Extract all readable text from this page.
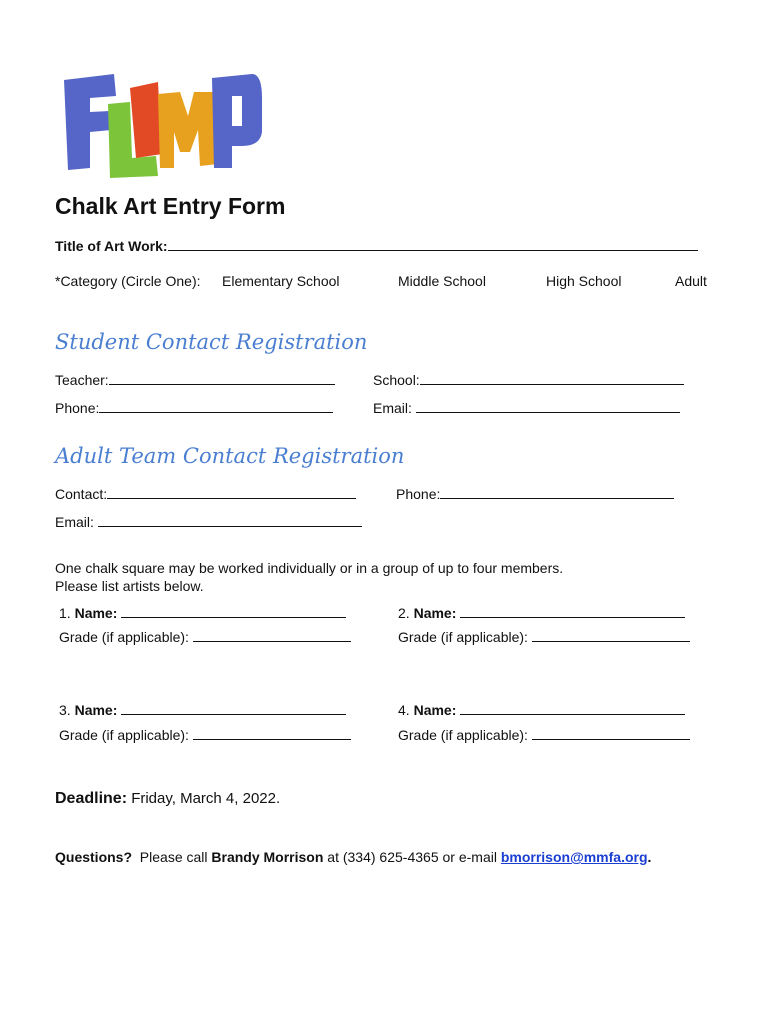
Chalk Art Entry Form
Title of Art Work:
*Category (Circle One): Elementary School	Middle School	High School	Adult
Student Contact Registration
Teacher:	School:
Phone:	Email:
Adult Team Contact Registration
Contact:	Phone:
Email:
One chalk square may be worked individually or in a group of up to four members.
Please list artists below.
1. Name:
Grade (if applicable):
2. Name:
Grade (if applicable):
3. Name:
Grade (if applicable):
4. Name:
Grade (if applicable):
Deadline: Friday, March 4, 2022.
Questions? Please call Brandy Morrison at (334) 625-4365 or e-mail bmorrison@mmfa.org.
